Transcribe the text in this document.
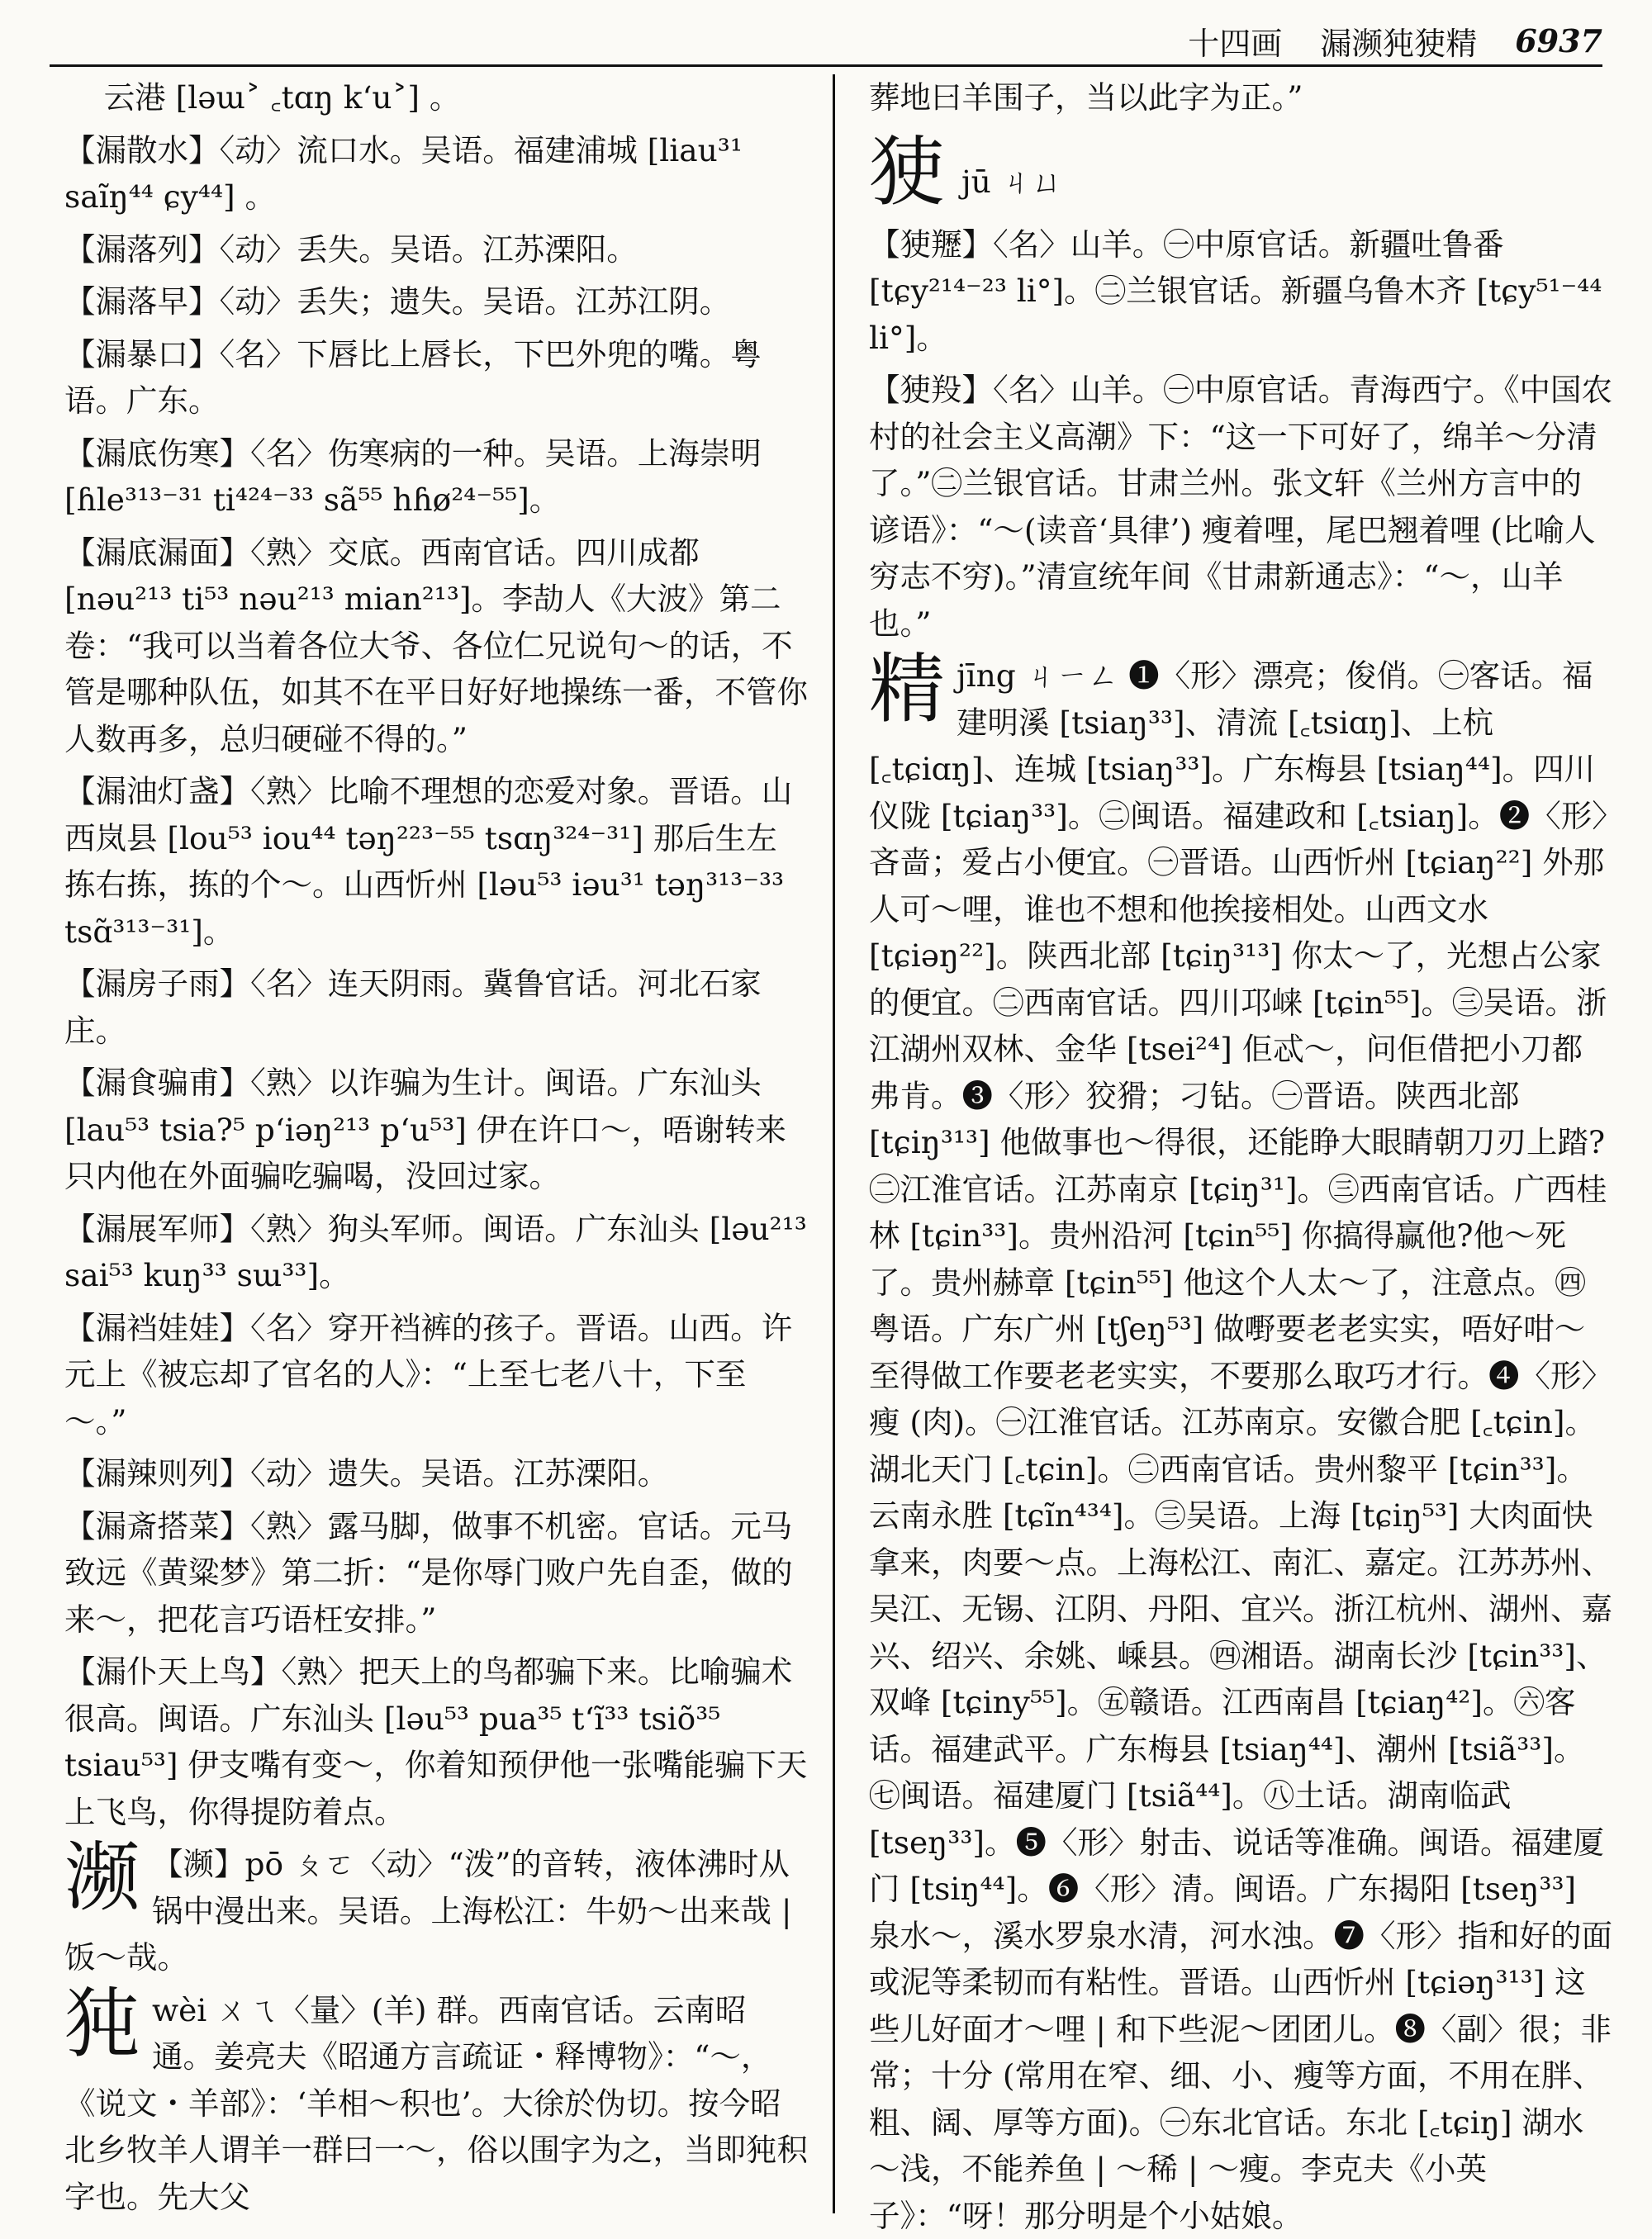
十四画 漏濒㹠㹬精 6937
云港 [ləɯ˃ ꜀tɑŋ k‘u˃] 。
【漏散水】〈动〉流口水。吴语。福建浦城 [liau³¹ saĩŋ⁴⁴ ɕy⁴⁴] 。
【漏落列】〈动〉丢失。吴语。江苏溧阳。
【漏落早】〈动〉丢失；遗失。吴语。江苏江阴。
【漏暴口】〈名〉下唇比上唇长，下巴外兜的嘴。粤语。广东。
【漏底伤寒】〈名〉伤寒病的一种。吴语。上海崇明 [ɦle³¹³⁻³¹ ti⁴²⁴⁻³³ sã⁵⁵ hɦø²⁴⁻⁵⁵]。
【漏底漏面】〈熟〉交底。西南官话。四川成都 [nəu²¹³ ti⁵³ nəu²¹³ mian²¹³]。李劼人《大波》第二卷：“我可以当着各位大爷、各位仁兄说句～的话，不管是哪种队伍，如其不在平日好好地操练一番，不管你人数再多，总归硬碰不得的。”
【漏油灯盏】〈熟〉比喻不理想的恋爱对象。晋语。山西岚县 [lou⁵³ iou⁴⁴ təŋ²²³⁻⁵⁵ tsɑŋ³²⁴⁻³¹] 那后生左拣右拣，拣的个～。山西忻州 [ləu⁵³ iəu³¹ təŋ³¹³⁻³³ tsɑ̃³¹³⁻³¹]。
【漏房子雨】〈名〉连天阴雨。冀鲁官话。河北石家庄。
【漏食骗甫】〈熟〉以诈骗为生计。闽语。广东汕头 [lau⁵³ tsia?⁵ p‘iəŋ²¹³ p‘u⁵³] 伊在许口～，唔谢转来只内他在外面骗吃骗喝，没回过家。
【漏展军师】〈熟〉狗头军师。闽语。广东汕头 [ləu²¹³ sai⁵³ kuŋ³³ sɯ³³]。
【漏裆娃娃】〈名〉穿开裆裤的孩子。晋语。山西。许元上《被忘却了官名的人》：“上至七老八十，下至～。”
【漏辣则列】〈动〉遗失。吴语。江苏溧阳。
【漏斎搭菜】〈熟〉露马脚，做事不机密。官话。元马致远《黄粱梦》第二折：“是你辱门败户先自歪，做的来～，把花言巧语枉安排。”
【漏仆天上鸟】〈熟〉把天上的鸟都骗下来。比喻骗术很高。闽语。广东汕头 [ləu⁵³ pua³⁵ t‘ĩ³³ tsiõ³⁵ tsiau⁵³] 伊支嘴有变～，你着知预伊他一张嘴能骗下天上飞鸟，你得提防着点。
濒 【濒】pō ㄆㄛ〈动〉“泼”的音转，液体沸时从锅中漫出来。吴语。上海松江：牛奶～出来哉 | 饭～哉。
㹠 wèi ㄨㄟ〈量〉(羊) 群。西南官话。云南昭通。姜亮夫《昭通方言疏证・释博物》：“～，《说文・羊部》：‘羊相～积也’。大徐於伪切。按今昭北乡牧羊人谓羊一群曰一～，俗以围字为之，当即㹠积字也。先大父
葬地曰羊围子，当以此字为正。”
㹬 jū ㄐㄩ
【㹬䍽】〈名〉山羊。㊀中原官话。新疆吐鲁番 [tɕy²¹⁴⁻²³ li°]。㊁兰银官话。新疆乌鲁木齐 [tɕy⁵¹⁻⁴⁴ li°]。
【㹬羖】〈名〉山羊。㊀中原官话。青海西宁。《中国农村的社会主义高潮》下：“这一下可好了，绵羊～分清了。”㊁兰银官话。甘肃兰州。张文轩《兰州方言中的谚语》：“～(读音‘具律’) 瘦着哩，尾巴翘着哩 (比喻人穷志不穷)。”清宣统年间《甘肃新通志》：“～，山羊也。”
精 jīng ㄐㄧㄥ ❶〈形〉漂亮；俊俏。㊀客话。福建明溪 [tsiaŋ³³]、清流 [꜀tsiɑŋ]、上杭 [꜀tɕiɑŋ]、连城 [tsiaŋ³³]。广东梅县 [tsiaŋ⁴⁴]。四川仪陇 [tɕiaŋ³³]。㊁闽语。福建政和 [꜀tsiaŋ]。❷〈形〉吝啬；爱占小便宜。㊀晋语。山西忻州 [tɕiaŋ²²] 外那人可～哩，谁也不想和他挨接相处。山西文水 [tɕiəŋ²²]。陕西北部 [tɕiŋ³¹³] 你太～了，光想占公家的便宜。㊁西南官话。四川邛崃 [tɕin⁵⁵]。㊂吴语。浙江湖州双林、金华 [tsei²⁴] 佢忒～，问佢借把小刀都弗肯。❸〈形〉狡猾；刁钻。㊀晋语。陕西北部 [tɕiŋ³¹³] 他做事也～得很，还能睁大眼睛朝刀刃上踏? ㊁江淮官话。江苏南京 [tɕiŋ³¹]。㊂西南官话。广西桂林 [tɕin³³]。贵州沿河 [tɕin⁵⁵] 你搞得赢他?他～死了。贵州赫章 [tɕin⁵⁵] 他这个人太～了，注意点。㊃粤语。广东广州 [tʃeŋ⁵³] 做嘢要老老实实，唔好咁～至得做工作要老老实实，不要那么取巧才行。❹〈形〉瘦 (肉)。㊀江淮官话。江苏南京。安徽合肥 [꜀tɕin]。湖北天门 [꜀tɕin]。㊁西南官话。贵州黎平 [tɕin³³]。云南永胜 [tɕĩn⁴³⁴]。㊂吴语。上海 [tɕiŋ⁵³] 大肉面快拿来，肉要～点。上海松江、南汇、嘉定。江苏苏州、吴江、无锡、江阴、丹阳、宜兴。浙江杭州、湖州、嘉兴、绍兴、余姚、嵊县。㊃湘语。湖南长沙 [tɕin³³]、双峰 [tɕiny⁵⁵]。㊄赣语。江西南昌 [tɕiaŋ⁴²]。㊅客话。福建武平。广东梅县 [tsiaŋ⁴⁴]、潮州 [tsiã³³]。㊆闽语。福建厦门 [tsiã⁴⁴]。㊇土话。湖南临武 [tseŋ³³]。❺〈形〉射击、说话等准确。闽语。福建厦门 [tsiŋ⁴⁴]。❻〈形〉清。闽语。广东揭阳 [tseŋ³³] 泉水～，溪水罗泉水清，河水浊。❼〈形〉指和好的面或泥等柔韧而有粘性。晋语。山西忻州 [tɕiəŋ³¹³] 这些儿好面才～哩 | 和下些泥～团团儿。❽〈副〉很；非常；十分 (常用在窄、细、小、瘦等方面，不用在胖、粗、阔、厚等方面)。㊀东北官话。东北 [꜀tɕiŋ] 湖水～浅，不能养鱼 | ～稀 | ～瘦。李克夫《小英子》：“呀！那分明是个小姑娘。
